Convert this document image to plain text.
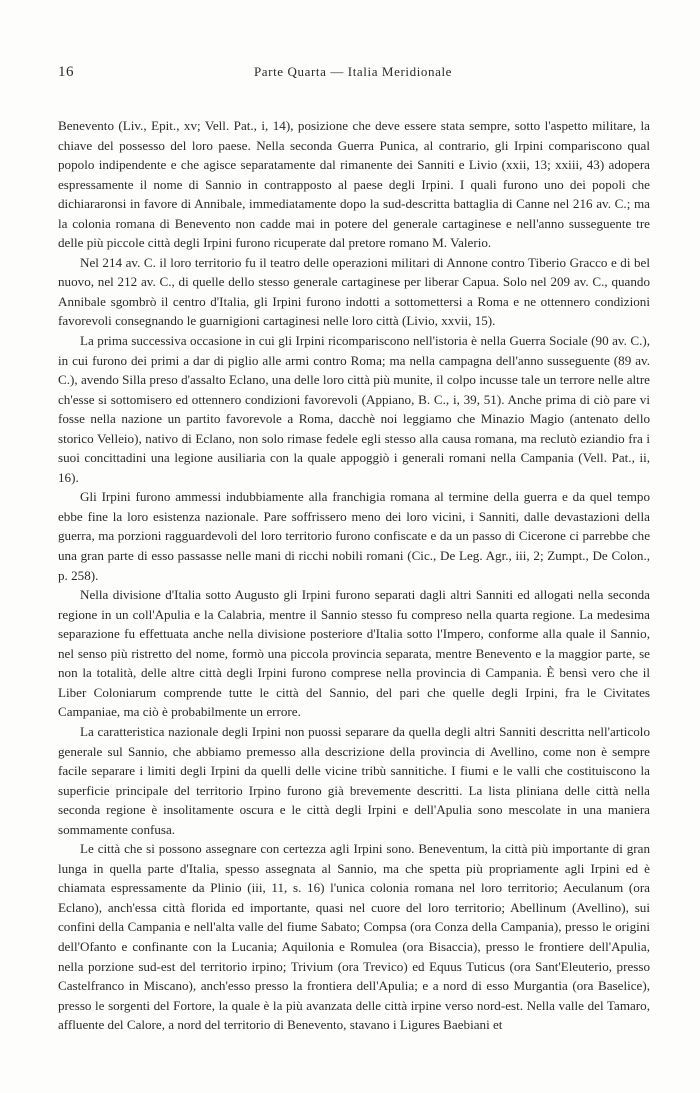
16	Parte Quarta — Italia Meridionale

Benevento (Liv., Epit., xv; Vell. Pat., i, 14), posizione che deve essere stata sempre, sotto l'aspetto militare, la chiave del possesso del loro paese. Nella seconda Guerra Punica, al contrario, gli Irpini compariscono qual popolo indipendente e che agisce separatamente dal rimanente dei Sanniti e Livio (xxii, 13; xxiii, 43) adopera espressamente il nome di Sannio in contrapposto al paese degli Irpini. I quali furono uno dei popoli che dichiararonsi in favore di Annibale, immediatamente dopo la sud-descritta battaglia di Canne nel 216 av. C.; ma la colonia romana di Benevento non cadde mai in potere del generale cartaginese e nell'anno susseguente tre delle più piccole città degli Irpini furono ricuperate dal pretore romano M. Valerio.

Nel 214 av. C. il loro territorio fu il teatro delle operazioni militari di Annone contro Tiberio Gracco e di bel nuovo, nel 212 av. C., di quelle dello stesso generale cartaginese per liberar Capua. Solo nel 209 av. C., quando Annibale sgombrò il centro d'Italia, gli Irpini furono indotti a sottomettersi a Roma e ne ottennero condizioni favorevoli consegnando le guarnigioni cartaginesi nelle loro città (Livio, xxvii, 15).

La prima successiva occasione in cui gli Irpini ricompariscono nell'istoria è nella Guerra Sociale (90 av. C.), in cui furono dei primi a dar di piglio alle armi contro Roma; ma nella campagna dell'anno susseguente (89 av. C.), avendo Silla preso d'assalto Eclano, una delle loro città più munite, il colpo incusse tale un terrore nelle altre ch'esse si sottomisero ed ottennero condizioni favorevoli (Appiano, B. C., i, 39, 51). Anche prima di ciò pare vi fosse nella nazione un partito favorevole a Roma, dacchè noi leggiamo che Minazio Magio (antenato dello storico Velleio), nativo di Eclano, non solo rimase fedele egli stesso alla causa romana, ma reclutò eziandio fra i suoi concittadini una legione ausiliaria con la quale appoggiò i generali romani nella Campania (Vell. Pat., ii, 16).

Gli Irpini furono ammessi indubbiamente alla franchigia romana al termine della guerra e da quel tempo ebbe fine la loro esistenza nazionale. Pare soffrissero meno dei loro vicini, i Sanniti, dalle devastazioni della guerra, ma porzioni ragguardevoli del loro territorio furono confiscate e da un passo di Cicerone ci parrebbe che una gran parte di esso passasse nelle mani di ricchi nobili romani (Cic., De Leg. Agr., iii, 2; Zumpt., De Colon., p. 258).

Nella divisione d'Italia sotto Augusto gli Irpini furono separati dagli altri Sanniti ed allogati nella seconda regione in un coll'Apulia e la Calabria, mentre il Sannio stesso fu compreso nella quarta regione. La medesima separazione fu effettuata anche nella divisione posteriore d'Italia sotto l'Impero, conforme alla quale il Sannio, nel senso più ristretto del nome, formò una piccola provincia separata, mentre Benevento e la maggior parte, se non la totalità, delle altre città degli Irpini furono comprese nella provincia di Campania. È bensì vero che il Liber Coloniarum comprende tutte le città del Sannio, del pari che quelle degli Irpini, fra le Civitates Campaniae, ma ciò è probabilmente un errore.

La caratteristica nazionale degli Irpini non puossi separare da quella degli altri Sanniti descritta nell'articolo generale sul Sannio, che abbiamo premesso alla descrizione della provincia di Avellino, come non è sempre facile separare i limiti degli Irpini da quelli delle vicine tribù sannitiche. I fiumi e le valli che costituiscono la superficie principale del territorio Irpino furono già brevemente descritti. La lista pliniana delle città nella seconda regione è insolitamente oscura e le città degli Irpini e dell'Apulia sono mescolate in una maniera sommamente confusa.

Le città che si possono assegnare con certezza agli Irpini sono. Beneventum, la città più importante di gran lunga in quella parte d'Italia, spesso assegnata al Sannio, ma che spetta più propriamente agli Irpini ed è chiamata espressamente da Plinio (iii, 11, s. 16) l'unica colonia romana nel loro territorio; Aeculanum (ora Eclano), anch'essa città florida ed importante, quasi nel cuore del loro territorio; Abellinum (Avellino), sui confini della Campania e nell'alta valle del fiume Sabato; Compsa (ora Conza della Campania), presso le origini dell'Ofanto e confinante con la Lucania; Aquilonia e Romulea (ora Bisaccia), presso le frontiere dell'Apulia, nella porzione sud-est del territorio irpino; Trivium (ora Trevico) ed Equus Tuticus (ora Sant'Eleuterio, presso Castelfranco in Miscano), anch'esso presso la frontiera dell'Apulia; e a nord di esso Murgantia (ora Baselice), presso le sorgenti del Fortore, la quale è la più avanzata delle città irpine verso nord-est. Nella valle del Tamaro, affluente del Calore, a nord del territorio di Benevento, stavano i Ligures Baebiani et
